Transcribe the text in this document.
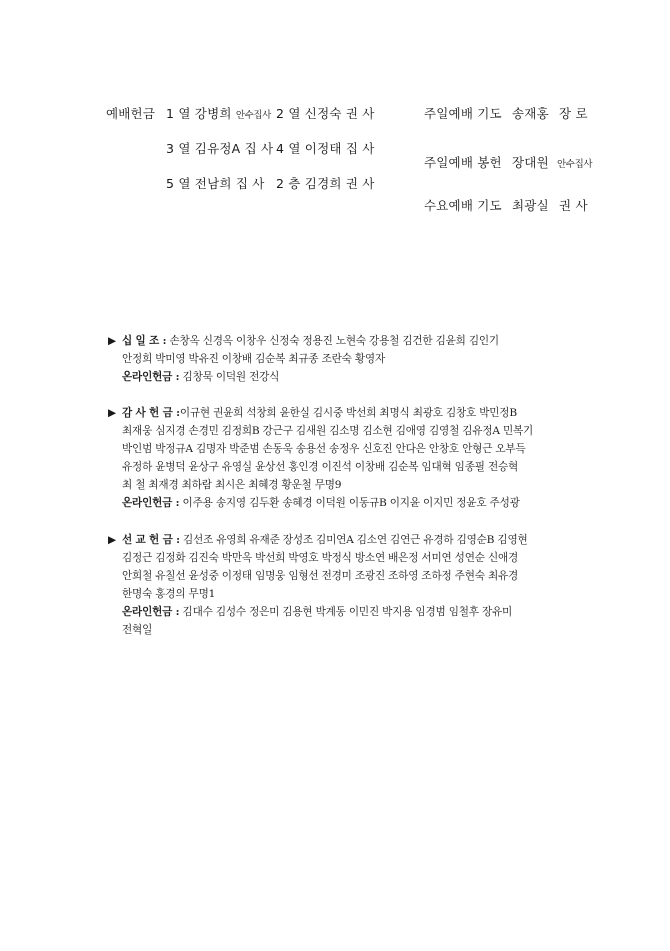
예배헌금 1 열 강병희 안수집사 2 열 신정숙 권 사
3 열 김유정A 집 사 4 열 이정태 집 사
5 열 전남희 집 사 2 층 김경희 권 사
주일예배 기도 송재홍 장 로
주일예배 봉헌 장대원 안수집사
수요예배 기도 최광실 권 사
▶ 십 일 조 : 손창옥 신경옥 이창우 신정숙 정용진 노현숙 강용철 김건한 김윤희 김인기
안정희 박미영 박유진 이창배 김순복 최규종 조란숙 황영자
온라인헌금 : 김창묵 이덕원 전강식
▶ 감 사 헌 금 :이규현 권윤희 석창희 윤한실 김시중 박선희 최명식 최광호 김창호 박민정B
최재웅 심지경 손경민 김정희B 강근구 김새원 김소명 김소현 김애영 김영철 김유정A 민복기
박인범 박정규A 김명자 박준범 손동욱 송용선 송정우 신호진 안다은 안창호 안형근 오부득
유정하 윤병덕 윤상구 유영실 윤상선 홍인경 이진석 이창배 김순복 임대혁 임종필 전승혁
최 철 최재경 최하람 최시은 최혜경 황운철 무명9
온라인헌금 : 이주용 송지영 김두환 송혜경 이덕원 이동규B 이지윤 이지민 정윤호 주성광
▶ 선 교 헌 금 : 김선조 유영희 유재준 장성조 김미연A 김소연 김연근 유경하 김영순B 김영현
김정근 김정화 김진숙 박만옥 박선희 박영호 박정식 방소연 배은정 서미연 성연순 신애경
안희철 유칠선 윤성중 이정태 임명웅 임형선 전경미 조광진 조하영 조하정 주현숙 최유경
한명숙 홍경의 무명1
온라인헌금 : 김대수 김성수 정은미 김용현 박계동 이민진 박지용 임경범 임철후 장유미
전혁일
